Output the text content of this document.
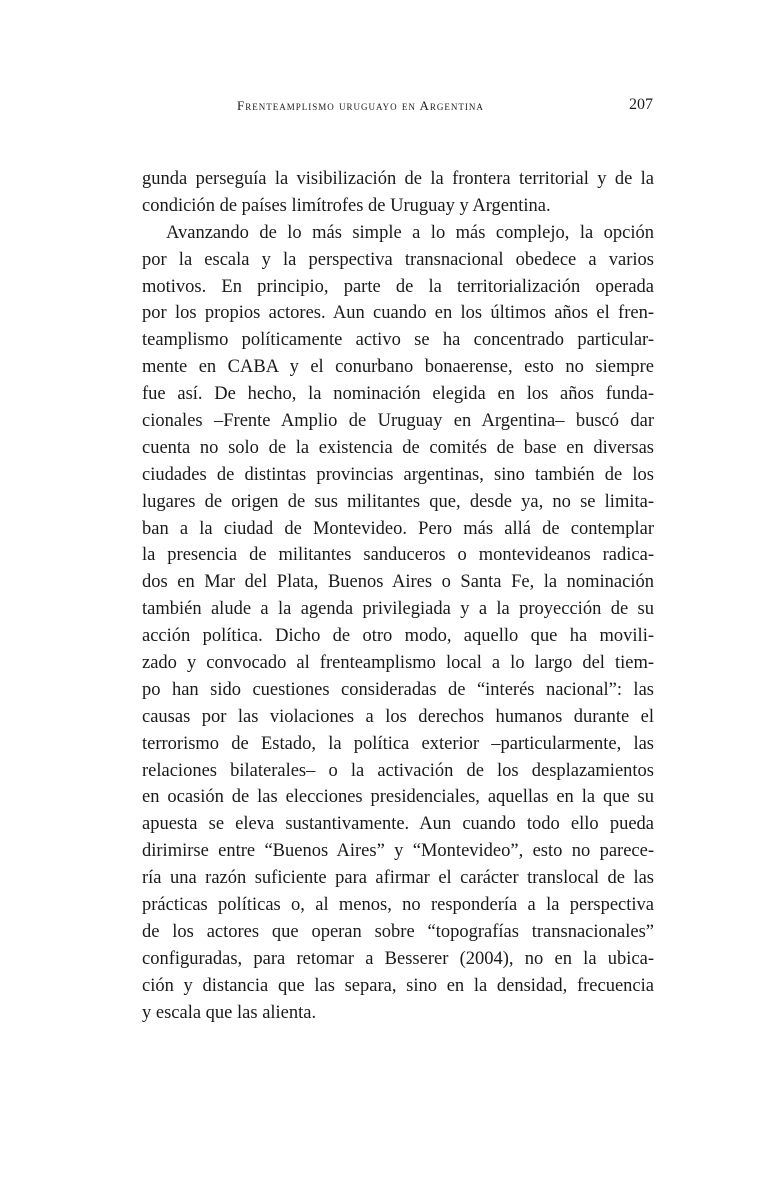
Frenteamplismo uruguayo en Argentina	207
gunda perseguía la visibilización de la frontera territorial y de la
condición de países limítrofes de Uruguay y Argentina.
Avanzando de lo más simple a lo más complejo, la opción
por la escala y la perspectiva transnacional obedece a varios
motivos. En principio, parte de la territorialización operada
por los propios actores. Aun cuando en los últimos años el fren-
teamplismo políticamente activo se ha concentrado particular-
mente en CABA y el conurbano bonaerense, esto no siempre
fue así. De hecho, la nominación elegida en los años funda-
cionales –Frente Amplio de Uruguay en Argentina– buscó dar
cuenta no solo de la existencia de comités de base en diversas
ciudades de distintas provincias argentinas, sino también de los
lugares de origen de sus militantes que, desde ya, no se limita-
ban a la ciudad de Montevideo. Pero más allá de contemplar
la presencia de militantes sanduceros o montevideanos radica-
dos en Mar del Plata, Buenos Aires o Santa Fe, la nominación
también alude a la agenda privilegiada y a la proyección de su
acción política. Dicho de otro modo, aquello que ha movili-
zado y convocado al frenteamplismo local a lo largo del tiem-
po han sido cuestiones consideradas de “interés nacional”: las
causas por las violaciones a los derechos humanos durante el
terrorismo de Estado, la política exterior –particularmente, las
relaciones bilaterales– o la activación de los desplazamientos
en ocasión de las elecciones presidenciales, aquellas en la que su
apuesta se eleva sustantivamente. Aun cuando todo ello pueda
dirimirse entre “Buenos Aires” y “Montevideo”, esto no parece-
ría una razón suficiente para afirmar el carácter translocal de las
prácticas políticas o, al menos, no respondería a la perspectiva
de los actores que operan sobre “topografías transnacionales”
configuradas, para retomar a Besserer (2004), no en la ubica-
ción y distancia que las separa, sino en la densidad, frecuencia
y escala que las alienta.
